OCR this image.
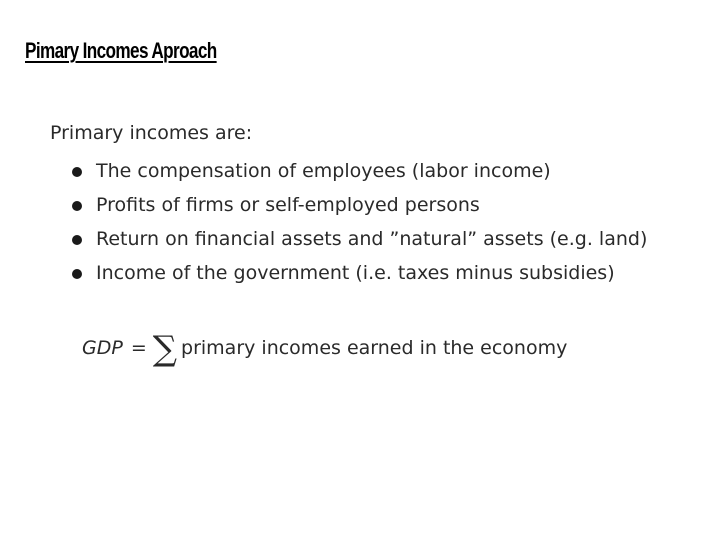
Pimary Incomes Aproach
Primary incomes are:
The compensation of employees (labor income)
Profits of firms or self-employed persons
Return on financial assets and ”natural” assets (e.g. land)
Income of the government (i.e. taxes minus subsidies)
GDP = ∑ primary incomes earned in the economy
